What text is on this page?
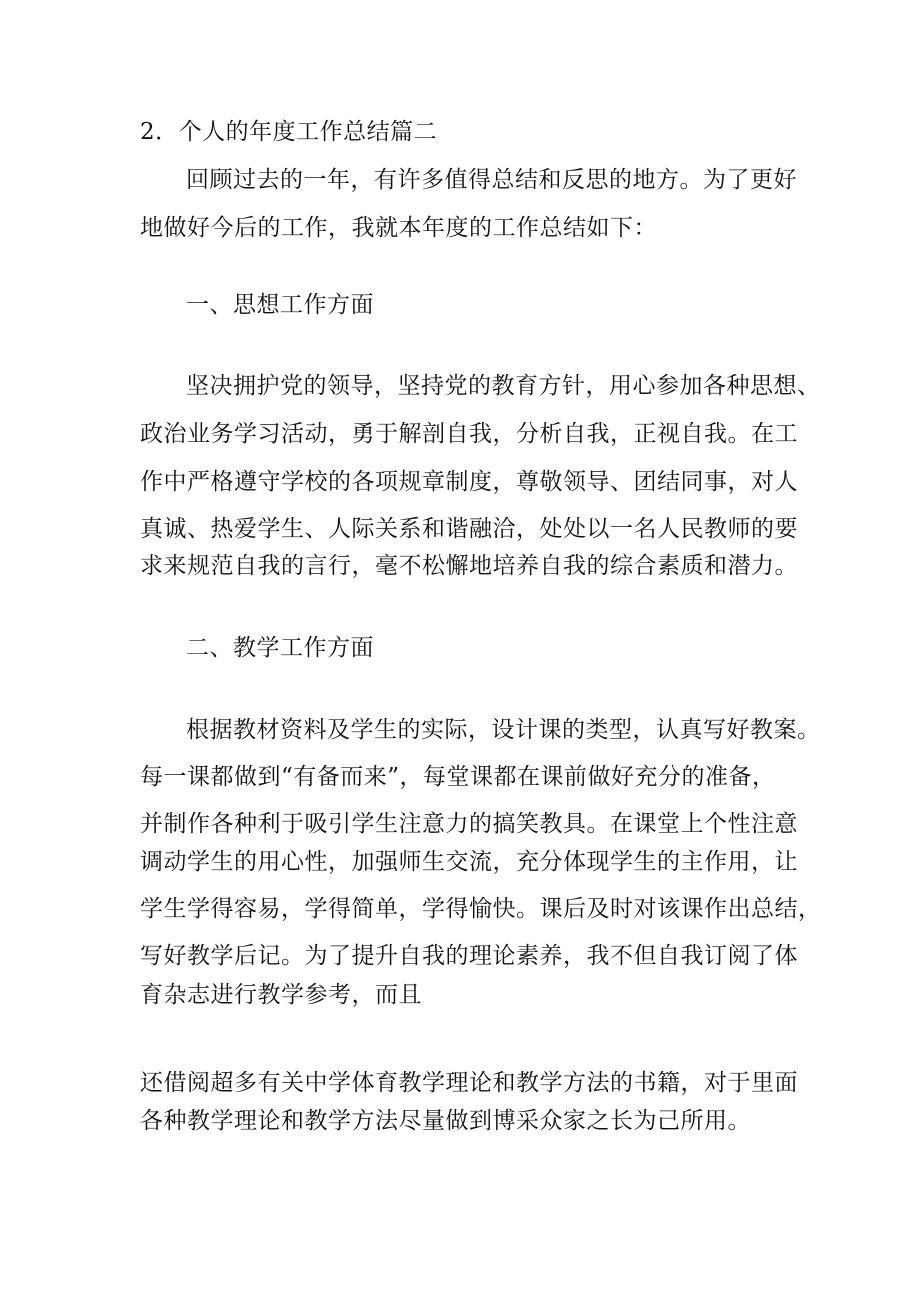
2．个人的年度工作总结篇二
回顾过去的一年，有许多值得总结和反思的地方。为了更好
地做好今后的工作，我就本年度的工作总结如下：
一、思想工作方面
坚决拥护党的领导，坚持党的教育方针，用心参加各种思想、
政治业务学习活动，勇于解剖自我，分析自我，正视自我。在工
作中严格遵守学校的各项规章制度，尊敬领导、团结同事，对人
真诚、热爱学生、人际关系和谐融洽，处处以一名人民教师的要
求来规范自我的言行，毫不松懈地培养自我的综合素质和潜力。
二、教学工作方面
根据教材资料及学生的实际，设计课的类型，认真写好教案。
每一课都做到“有备而来”，每堂课都在课前做好充分的准备，
并制作各种利于吸引学生注意力的搞笑教具。在课堂上个性注意
调动学生的用心性，加强师生交流，充分体现学生的主作用，让
学生学得容易，学得简单，学得愉快。课后及时对该课作出总结，
写好教学后记。为了提升自我的理论素养，我不但自我订阅了体
育杂志进行教学参考，而且
还借阅超多有关中学体育教学理论和教学方法的书籍，对于里面
各种教学理论和教学方法尽量做到博采众家之长为己所用。
